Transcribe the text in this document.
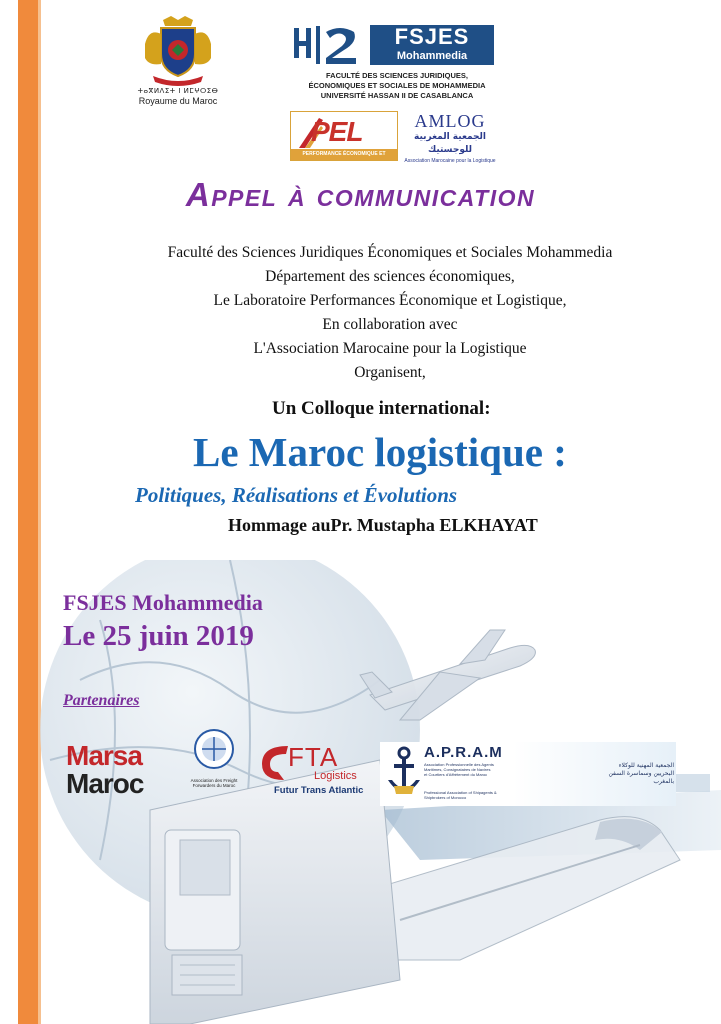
ⵜⴰⴳⵍⴷⵉⵜ ⵏ ⵍⵎⵖⵔⵉⴱ
Royaume du Maroc
FSJES
Mohammedia
FACULTÉ DES SCIENCES JURIDIQUES,
ÉCONOMIQUES ET SOCIALES DE MOHAMMEDIA
UNIVERSITÉ HASSAN II DE CASABLANCA
PEL
PERFORMANCE ÉCONOMIQUE ET LOGISTIQUE
AMLOG
الجمعية المغربية للوجستيك
Association Marocaine pour la Logistique
Appel à communication
Faculté des Sciences Juridiques Économiques et Sociales Mohammedia
Département des sciences économiques,
Le Laboratoire Performances Économique et Logistique,
En collaboration avec
L'Association Marocaine pour la Logistique
Organisent,
Un Colloque international:
Le Maroc logistique :
Politiques, Réalisations et Évolutions
Hommage auPr. Mustapha ELKHAYAT
FSJES Mohammedia
Le 25 juin 2019
Partenaires
Marsa
Maroc	Association des Freight Forwarders du Maroc
FTA
Logistics
Futur Trans Atlantic
A.P.R.A.M
Association Professionnelle des Agents Maritimes, Consignataires de Navires et Courtiers d'Affrètement du Maroc
Professional Association of Shipagents & Shipbrokers of Morocco
الجمعية المهنية للوكلاء البحريين وسماسرة السفن بالمغرب
